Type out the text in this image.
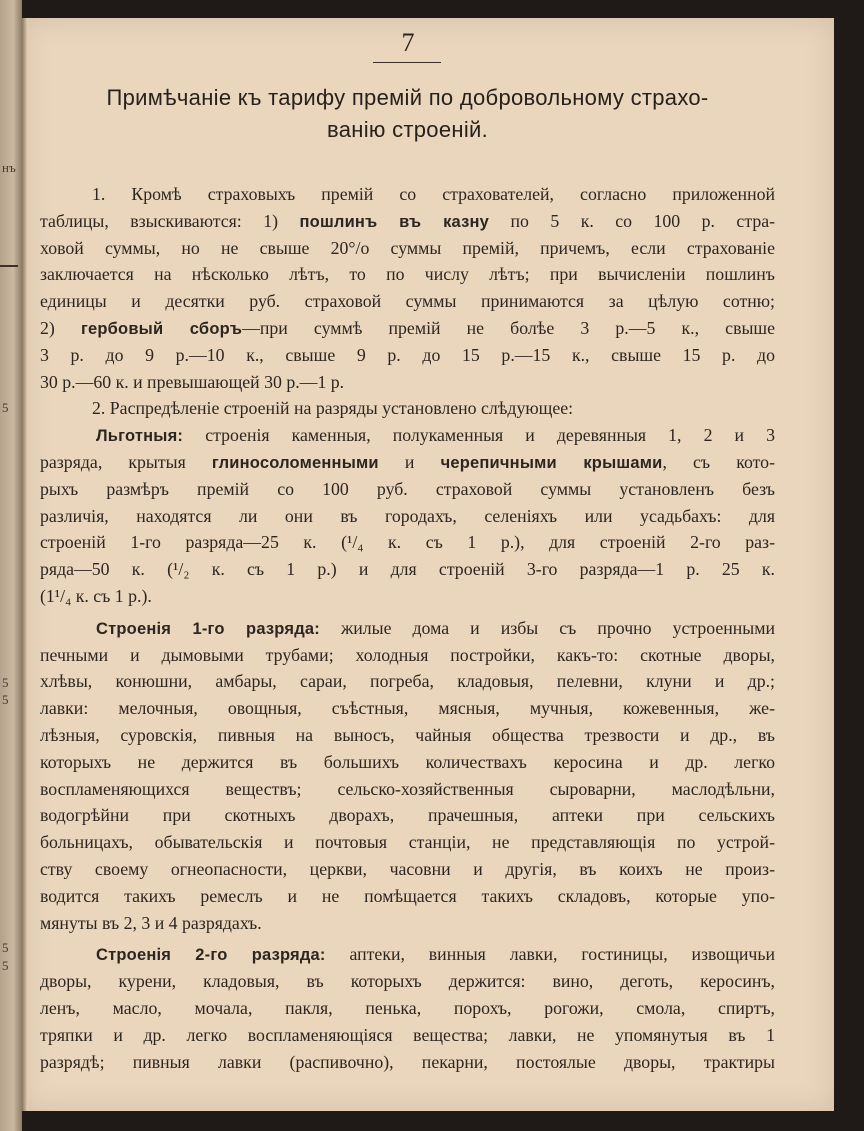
нъ
5
5
5
5
5
7
Примѣчаніе къ тарифу премій по добровольному страхо-
ванію строеній.
1. Кромѣ страховыхъ премій со страхователей, согласно приложенной
таблицы, взыскиваются: 1) пошлинъ въ казну по 5 к. со 100 р. стра-
ховой суммы, но не свыше 20°/о суммы премій, причемъ, если страхованіе
заключается на нѣсколько лѣтъ, то по числу лѣтъ; при вычисленіи пошлинъ
единицы и десятки руб. страховой суммы принимаются за цѣлую сотню;
2) гербовый сборъ—при суммѣ премій не болѣе 3 р.—5 к., свыше
3 р. до 9 р.—10 к., свыше 9 р. до 15 р.—15 к., свыше 15 р. до
30 р.—60 к. и превышающей 30 р.—1 р.
2. Распредѣленіе строеній на разряды установлено слѣдующее:
Льготныя: строенія каменныя, полукаменныя и деревянныя 1, 2 и 3
разряда, крытыя глиносоломенными и черепичными крышами, съ кото-
рыхъ размѣръ премій со 100 руб. страховой суммы установленъ безъ
различія, находятся ли они въ городахъ, селеніяхъ или усадьбахъ: для
строеній 1-го разряда—25 к. (¹/₄ к. съ 1 р.), для строеній 2-го раз-
ряда—50 к. (¹/₂ к. съ 1 р.) и для строеній 3-го разряда—1 р. 25 к.
(1¹/₄ к. съ 1 р.).
Строенія 1-го разряда: жилые дома и избы съ прочно устроенными
печными и дымовыми трубами; холодныя постройки, какъ-то: скотные дворы,
хлѣвы, конюшни, амбары, сараи, погреба, кладовыя, пелевни, клуни и др.;
лавки: мелочныя, овощныя, съѣстныя, мясныя, мучныя, кожевенныя, же-
лѣзныя, суровскія, пивныя на выносъ, чайныя общества трезвости и др., въ
которыхъ не держится въ большихъ количествахъ керосина и др. легко
воспламеняющихся веществъ; сельско-хозяйственныя сыроварни, маслодѣльни,
водогрѣйни при скотныхъ дворахъ, прачешныя, аптеки при сельскихъ
больницахъ, обывательскія и почтовыя станціи, не представляющія по устрой-
ству своему огнеопасности, церкви, часовни и другія, въ коихъ не произ-
водится такихъ ремеслъ и не помѣщается такихъ складовъ, которые упо-
мянуты въ 2, 3 и 4 разрядахъ.
Строенія 2-го разряда: аптеки, винныя лавки, гостиницы, извощичьи
дворы, курени, кладовыя, въ которыхъ держится: вино, деготь, керосинъ,
ленъ, масло, мочала, пакля, пенька, порохъ, рогожи, смола, спиртъ,
тряпки и др. легко воспламеняющіяся вещества; лавки, не упомянутыя въ 1
разрядѣ; пивныя лавки (распивочно), пекарни, постоялые дворы, трактиры
